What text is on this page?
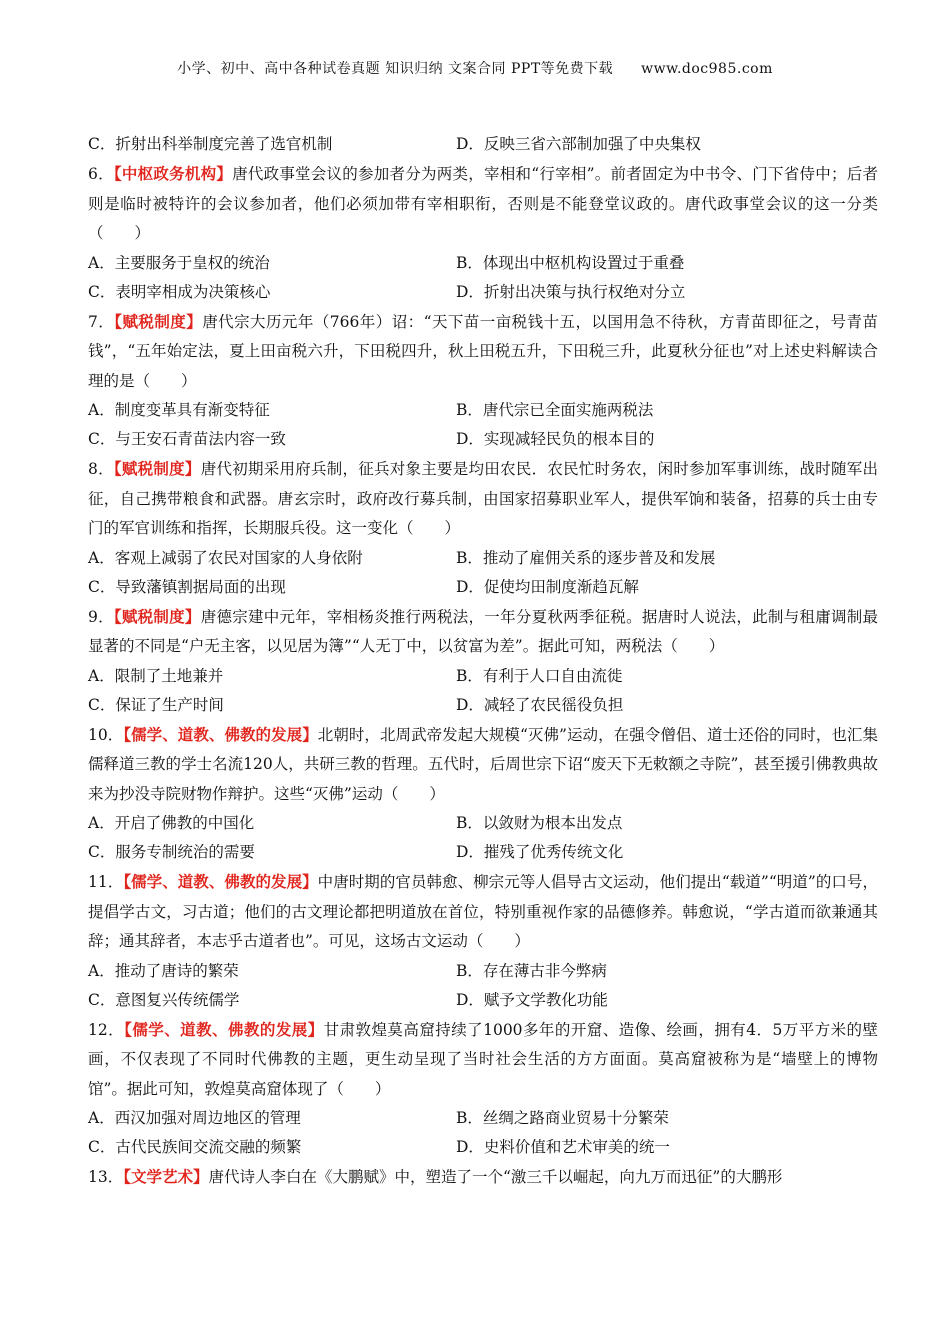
小学、初中、高中各种试卷真题 知识归纳 文案合同 PPT等免费下载 www.doc985.com
C．折射出科举制度完善了选官机制	D．反映三省六部制加强了中央集权
6．【中枢政务机构】唐代政事堂会议的参加者分为两类，宰相和“行宰相”。前者固定为中书令、门下省侍中；后者则是临时被特许的会议参加者，他们必须加带有宰相职衔，否则是不能登堂议政的。唐代政事堂会议的这一分类（　　）
A．主要服务于皇权的统治	B．体现出中枢机构设置过于重叠
C．表明宰相成为决策核心	D．折射出决策与执行权绝对分立
7．【赋税制度】唐代宗大历元年（766年）诏：“天下苗一亩税钱十五，以国用急不待秋，方青苗即征之，号青苗钱”，“五年始定法，夏上田亩税六升，下田税四升，秋上田税五升，下田税三升，此夏秋分征也”对上述史料解读合理的是（　　）
A．制度变革具有渐变特征	B．唐代宗已全面实施两税法
C．与王安石青苗法内容一致	D．实现减轻民负的根本目的
8．【赋税制度】唐代初期采用府兵制，征兵对象主要是均田农民．农民忙时务农，闲时参加军事训练，战时随军出征，自己携带粮食和武器。唐玄宗时，政府改行募兵制，由国家招募职业军人，提供军饷和装备，招募的兵士由专门的军官训练和指挥，长期服兵役。这一变化（　　）
A．客观上减弱了农民对国家的人身依附	B．推动了雇佣关系的逐步普及和发展
C．导致藩镇割据局面的出现	D．促使均田制度渐趋瓦解
9．【赋税制度】唐德宗建中元年，宰相杨炎推行两税法，一年分夏秋两季征税。据唐时人说法，此制与租庸调制最显著的不同是“户无主客，以见居为簿”“人无丁中，以贫富为差”。据此可知，两税法（　　）
A．限制了土地兼并	B．有利于人口自由流徙
C．保证了生产时间	D．减轻了农民徭役负担
10．【儒学、道教、佛教的发展】北朝时，北周武帝发起大规模“灭佛”运动，在强令僧侣、道士还俗的同时，也汇集儒释道三教的学士名流120人，共研三教的哲理。五代时，后周世宗下诏“废天下无敕额之寺院”，甚至援引佛教典故来为抄没寺院财物作辩护。这些“灭佛”运动（　　）
A．开启了佛教的中国化	B．以敛财为根本出发点
C．服务专制统治的需要	D．摧残了优秀传统文化
11．【儒学、道教、佛教的发展】中唐时期的官员韩愈、柳宗元等人倡导古文运动，他们提出“载道”“明道”的口号，提倡学古文，习古道；他们的古文理论都把明道放在首位，特别重视作家的品德修养。韩愈说，“学古道而欲兼通其辞；通其辞者，本志乎古道者也”。可见，这场古文运动（　　）
A．推动了唐诗的繁荣	B．存在薄古非今弊病
C．意图复兴传统儒学	D．赋予文学教化功能
12．【儒学、道教、佛教的发展】甘肃敦煌莫高窟持续了1000多年的开窟、造像、绘画，拥有4．5万平方米的壁画，不仅表现了不同时代佛教的主题，更生动呈现了当时社会生活的方方面面。莫高窟被称为是“墙壁上的博物馆”。据此可知，敦煌莫高窟体现了（　　）
A．西汉加强对周边地区的管理	B．丝绸之路商业贸易十分繁荣
C．古代民族间交流交融的频繁	D．史料价值和艺术审美的统一
13．【文学艺术】唐代诗人李白在《大鹏赋》中，塑造了一个“激三千以崛起，向九万而迅征”的大鹏形
